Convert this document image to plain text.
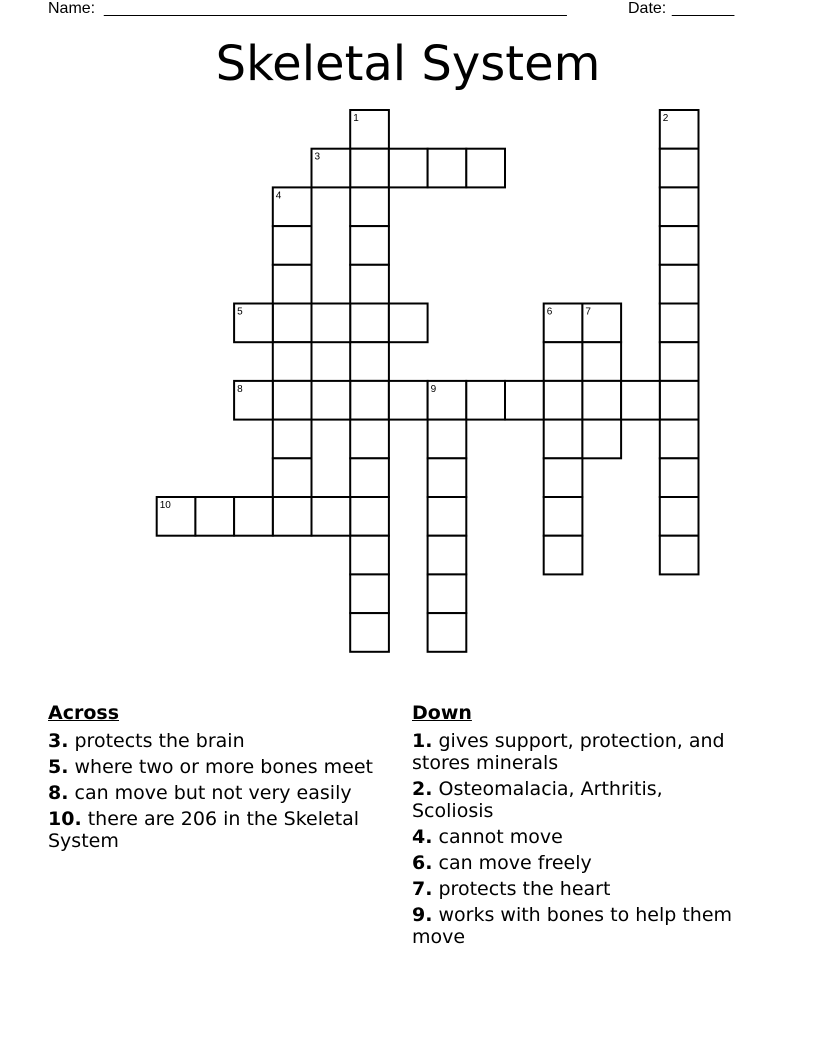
Name: ____________________________________________________	Date: _______
Skeletal System
1	2
3
4
5	6	7
8	9
10
Across
3. protects the brain
5. where two or more bones meet
8. can move but not very easily
10. there are 206 in the Skeletal System
Down
1. gives support, protection, and stores minerals
2. Osteomalacia, Arthritis, Scoliosis
4. cannot move
6. can move freely
7. protects the heart
9. works with bones to help them move
